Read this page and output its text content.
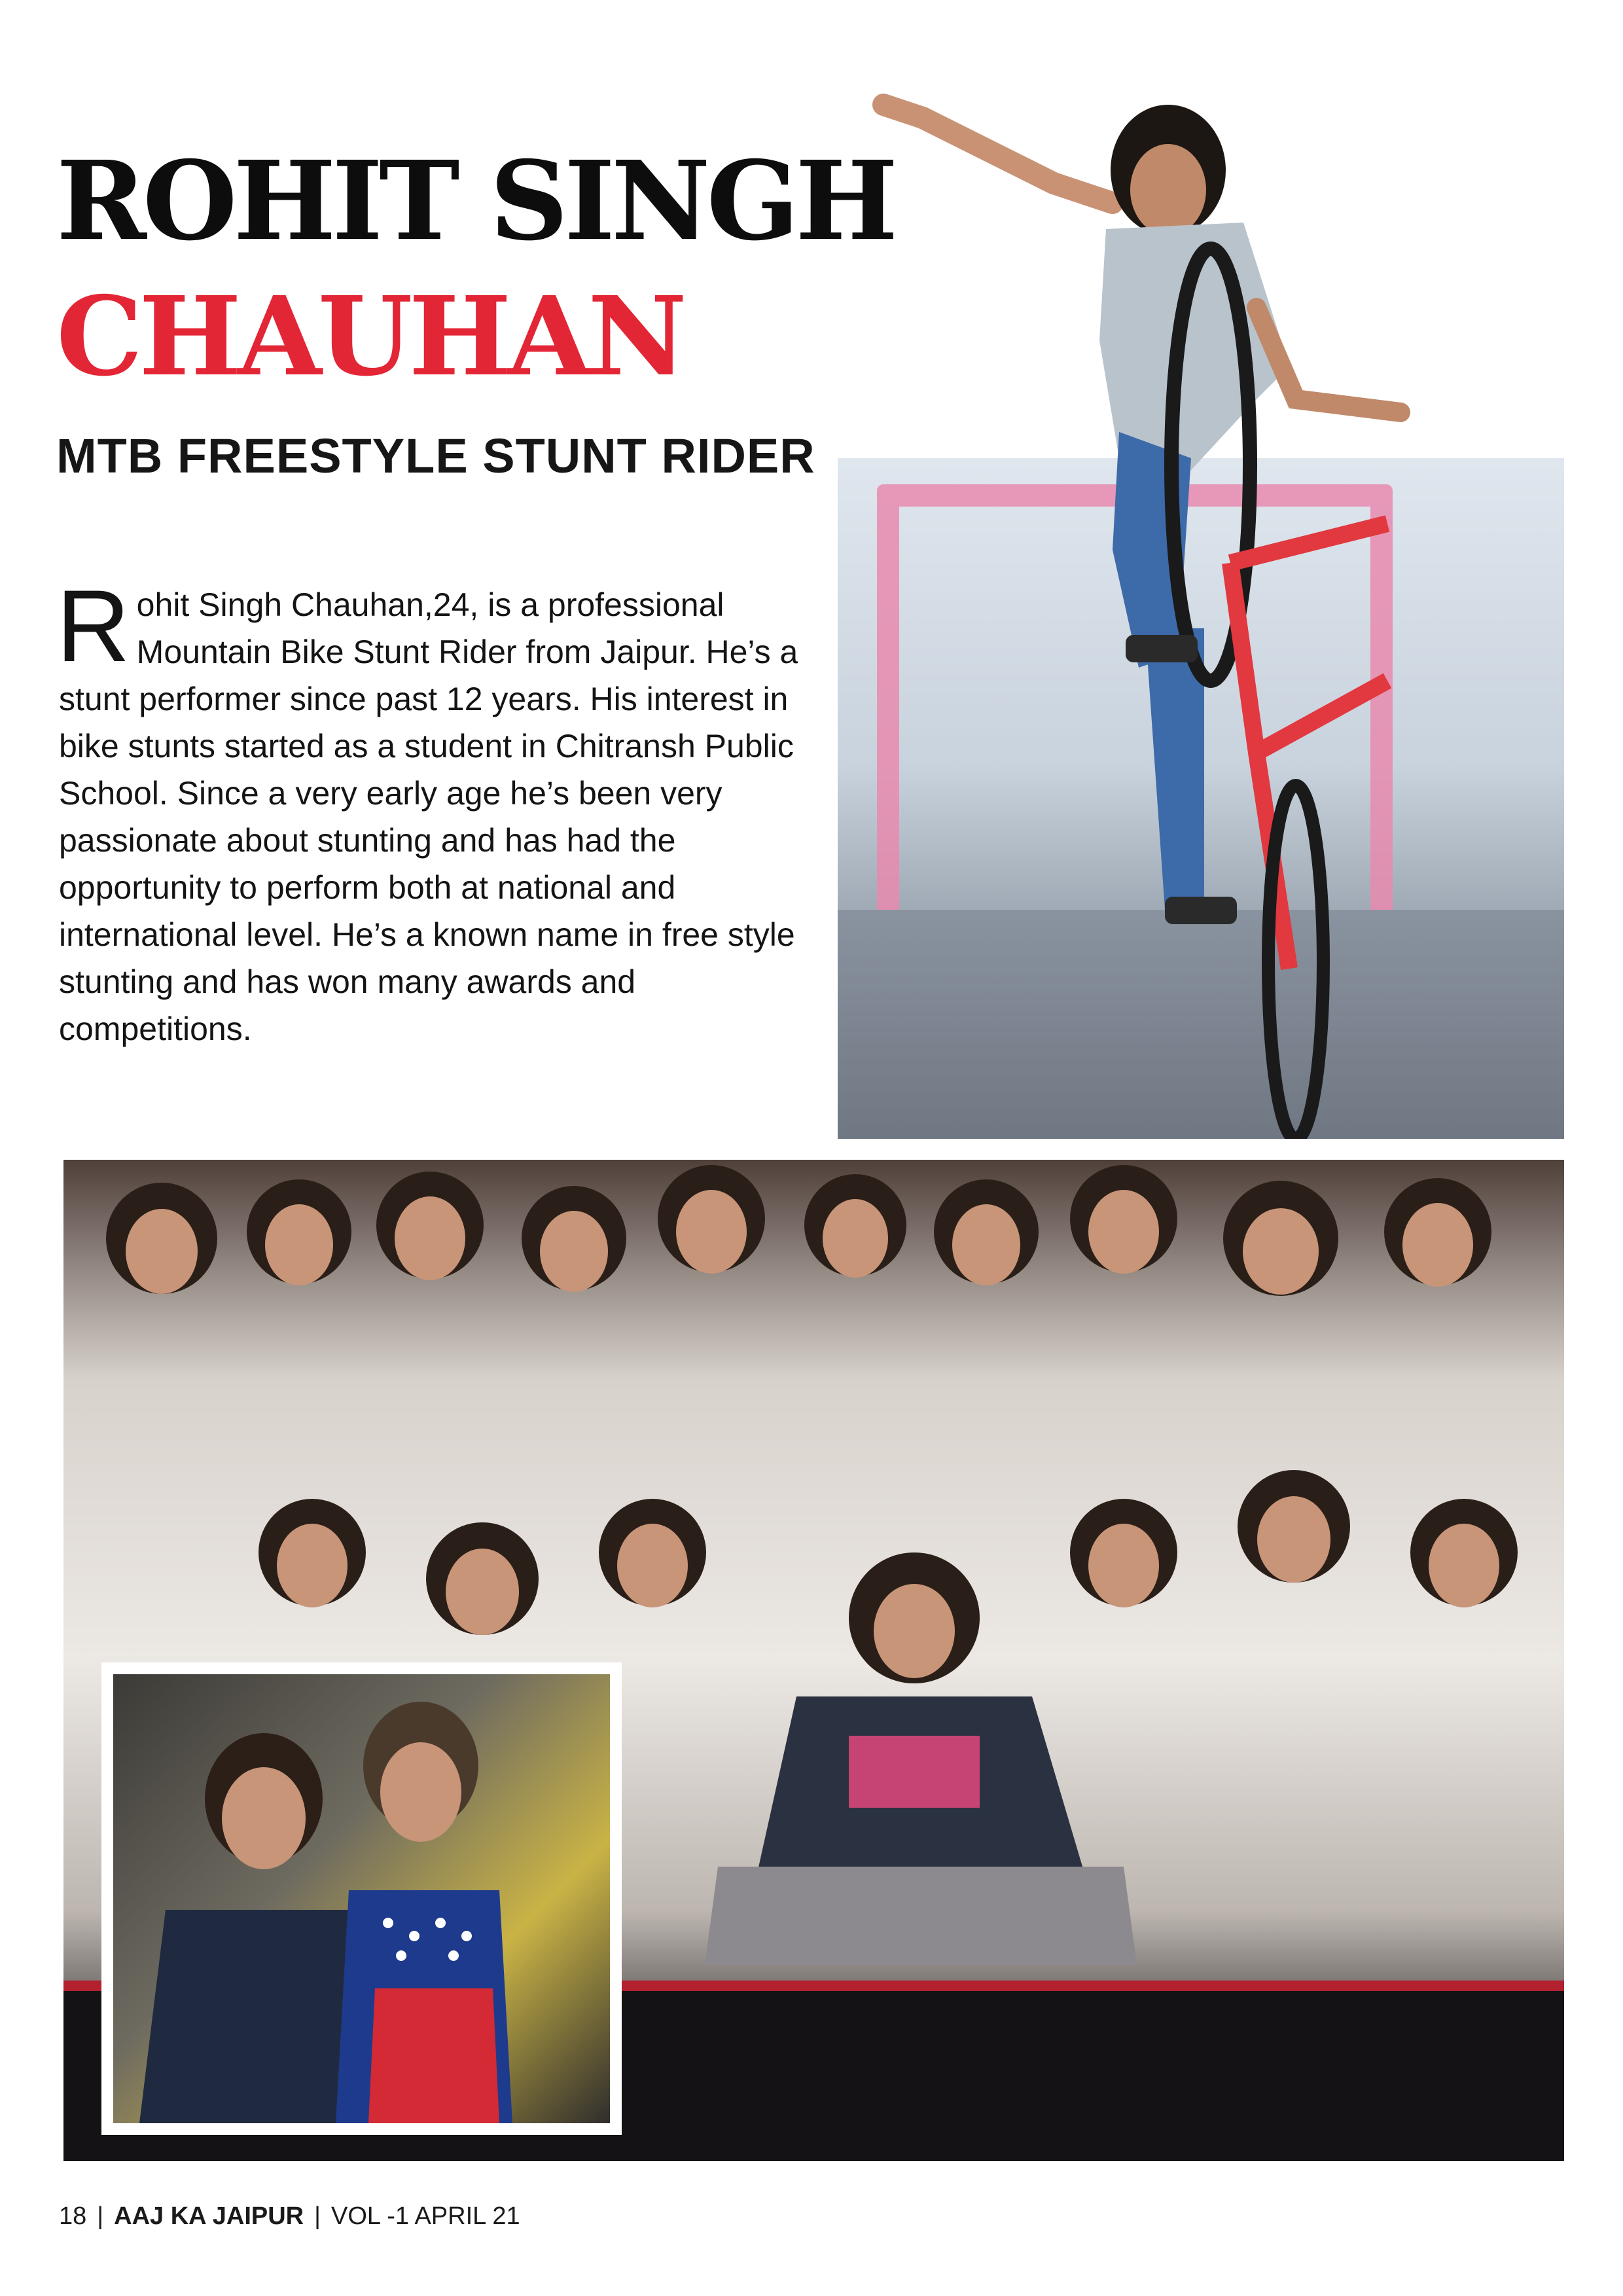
ROHIT SINGH
CHAUHAN
MTB FREESTYLE STUNT RIDER

Rohit Singh Chauhan,24, is a professional Mountain Bike Stunt Rider from Jaipur. He’s a stunt performer since past 12 years. His interest in bike stunts started as a student in Chitransh Public School. Since a very early age he’s been very passionate about stunting and has had the opportunity to perform both at national and international level. He’s a known name in free style stunting and has won many awards and competitions.

18 | AAJ KA JAIPUR | VOL -1 APRIL 21
